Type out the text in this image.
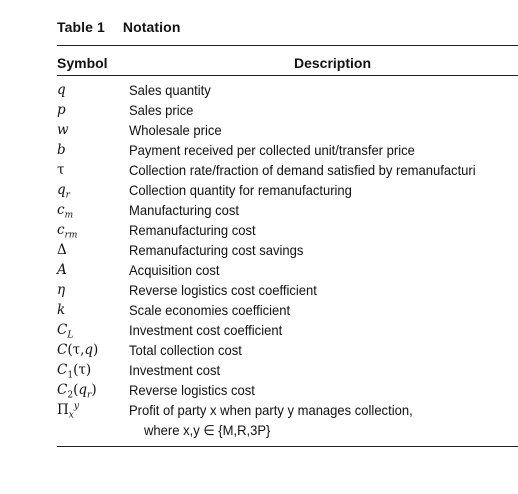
Table 1 Notation
Symbol	Description
q	Sales quantity
p	Sales price
w	Wholesale price
b	Payment received per collected unit/transfer price
τ	Collection rate/fraction of demand satisfied by remanufacturi
$q_r$	Collection quantity for remanufacturing
$c_m$	Manufacturing cost
$c_{rm}$	Remanufacturing cost
Δ	Remanufacturing cost savings
A	Acquisition cost
η	Reverse logistics cost coefficient
k	Scale economies coefficient
$C_L$	Investment cost coefficient
C(τ,q) Total collection cost
$C_1(\tau)$	Investment cost
$C_2(q_r)$ Reverse logistics cost
$\Pi_x^y$	Profit of party x when party y manages collection,
where x,y ∈ {M,R,3P}
